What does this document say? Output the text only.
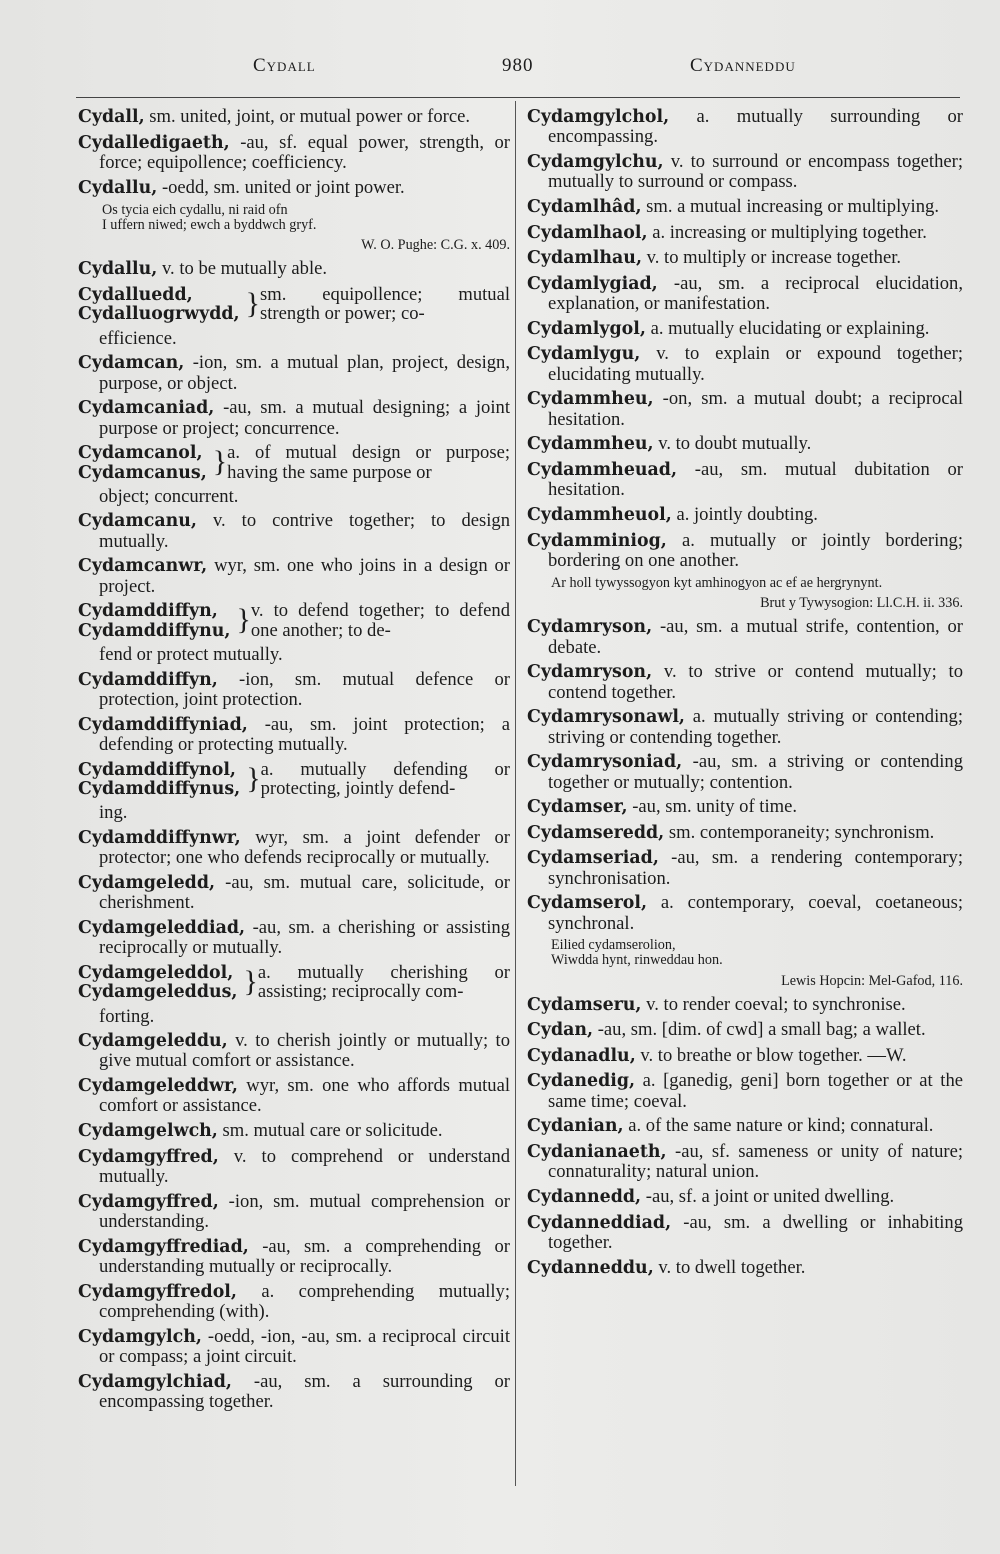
Cydall	980	Cydanneddu
Cydall, sm. united, joint, or mutual power or force.
Cydalledigaeth, -au, sf. equal power, strength, or force; equipollence; coefficiency.
Cydallu, -oedd, sm. united or joint power.
Os tycia eich cydallu, ni raid ofn
I uffern niwed; ewch a byddwch gryf.
W. O. Pughe: C.G. x. 409.
Cydallu, v. to be mutually able.
Cydalluedd,
Cydalluogrwydd,	}	sm. equipollence; mutual strength or power; co-
efficience.
Cydamcan, -ion, sm. a mutual plan, project, design, purpose, or object.
Cydamcaniad, -au, sm. a mutual designing; a joint purpose or project; concurrence.
Cydamcanol,
Cydamcanus,	}	a. of mutual design or purpose; having the same purpose or
object; concurrent.
Cydamcanu, v. to contrive together; to design mutually.
Cydamcanwr, wyr, sm. one who joins in a design or project.
Cydamddiffyn,
Cydamddiffynu,	}	v. to defend together; to defend one another; to de-
fend or protect mutually.
Cydamddiffyn, -ion, sm. mutual defence or protection, joint protection.
Cydamddiffyniad, -au, sm. joint protection; a defending or protecting mutually.
Cydamddiffynol,
Cydamddiffynus,	}	a. mutually defending or protecting, jointly defend-
ing.
Cydamddiffynwr, wyr, sm. a joint defender or protector; one who defends reciprocally or mutually.
Cydamgeledd, -au, sm. mutual care, solicitude, or cherishment.
Cydamgeleddiad, -au, sm. a cherishing or assisting reciprocally or mutually.
Cydamgeleddol,
Cydamgeleddus,	}	a. mutually cherishing or assisting; reciprocally com-
forting.
Cydamgeleddu, v. to cherish jointly or mutually; to give mutual comfort or assistance.
Cydamgeleddwr, wyr, sm. one who affords mutual comfort or assistance.
Cydamgelwch, sm. mutual care or solicitude.
Cydamgyffred, v. to comprehend or understand mutually.
Cydamgyffred, -ion, sm. mutual comprehension or understanding.
Cydamgyffrediad, -au, sm. a comprehending or understanding mutually or reciprocally.
Cydamgyffredol, a. comprehending mutually; comprehending (with).
Cydamgylch, -oedd, -ion, -au, sm. a reciprocal circuit or compass; a joint circuit.
Cydamgylchiad, -au, sm. a surrounding or encompassing together.
Cydamgylchol, a. mutually surrounding or encompassing.
Cydamgylchu, v. to surround or encompass together; mutually to surround or compass.
Cydamlhâd, sm. a mutual increasing or multiplying.
Cydamlhaol, a. increasing or multiplying together.
Cydamlhau, v. to multiply or increase together.
Cydamlygiad, -au, sm. a reciprocal elucidation, explanation, or manifestation.
Cydamlygol, a. mutually elucidating or explaining.
Cydamlygu, v. to explain or expound together; elucidating mutually.
Cydammheu, -on, sm. a mutual doubt; a reciprocal hesitation.
Cydammheu, v. to doubt mutually.
Cydammheuad, -au, sm. mutual dubitation or hesitation.
Cydammheuol, a. jointly doubting.
Cydamminiog, a. mutually or jointly bordering; bordering on one another.
Ar holl tywyssogyon kyt amhinogyon ac ef ae hergrynynt.
Brut y Tywysogion: Ll.C.H. ii. 336.
Cydamryson, -au, sm. a mutual strife, contention, or debate.
Cydamryson, v. to strive or contend mutually; to contend together.
Cydamrysonawl, a. mutually striving or contending; striving or contending together.
Cydamrysoniad, -au, sm. a striving or contending together or mutually; contention.
Cydamser, -au, sm. unity of time.
Cydamseredd, sm. contemporaneity; synchronism.
Cydamseriad, -au, sm. a rendering contemporary; synchronisation.
Cydamserol, a. contemporary, coeval, coetaneous; synchronal.
Eilied cydamserolion,
Wiwdda hynt, rinweddau hon.
Lewis Hopcin: Mel-Gafod, 116.
Cydamseru, v. to render coeval; to synchronise.
Cydan, -au, sm. [dim. of cwd] a small bag; a wallet.
Cydanadlu, v. to breathe or blow together. —W.
Cydanedig, a. [ganedig, geni] born together or at the same time; coeval.
Cydanian, a. of the same nature or kind; connatural.
Cydanianaeth, -au, sf. sameness or unity of nature; connaturality; natural union.
Cydannedd, -au, sf. a joint or united dwelling.
Cydanneddiad, -au, sm. a dwelling or inhabiting together.
Cydanneddu, v. to dwell together.
